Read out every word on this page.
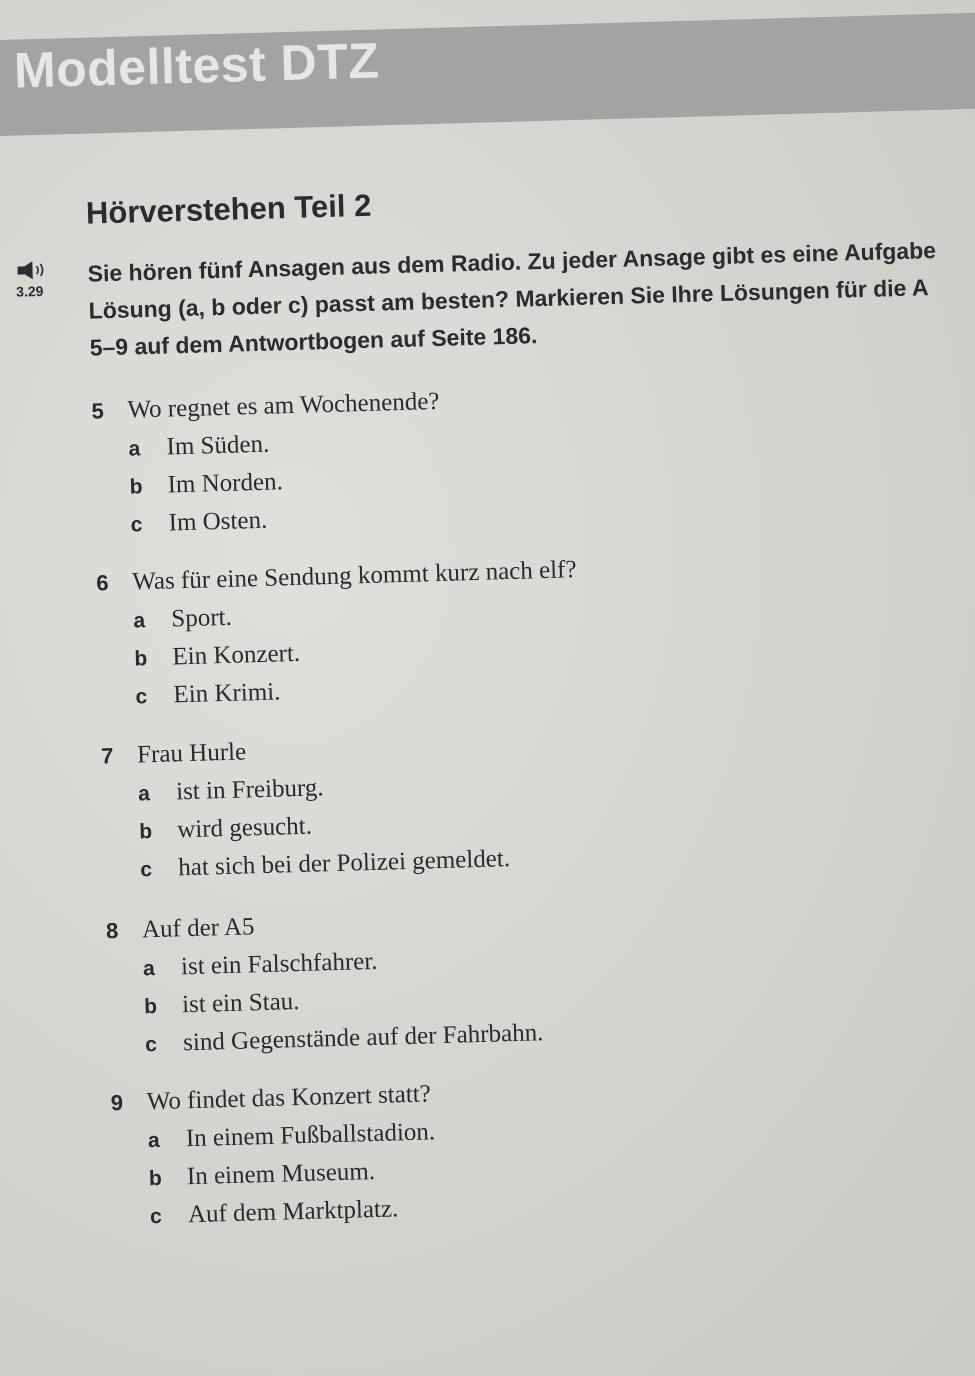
Modelltest DTZ
Hörverstehen Teil 2
3.29
Sie hören fünf Ansagen aus dem Radio. Zu jeder Ansage gibt es eine Aufgabe
Lösung (a, b oder c) passt am besten? Markieren Sie Ihre Lösungen für die A
5–9 auf dem Antwortbogen auf Seite 186.
5 Wo regnet es am Wochenende?
a	Im Süden.
b Im Norden.
c	Im Osten.
6 Was für eine Sendung kommt kurz nach elf?
a	Sport.
b Ein Konzert.
c	Ein Krimi.
7 Frau Hurle
a	ist in Freiburg.
b wird gesucht.
c	hat sich bei der Polizei gemeldet.
8 Auf der A5
a	ist ein Falschfahrer.
b ist ein Stau.
c	sind Gegenstände auf der Fahrbahn.
9 Wo findet das Konzert statt?
a	In einem Fußballstadion.
b In einem Museum.
c	Auf dem Marktplatz.
